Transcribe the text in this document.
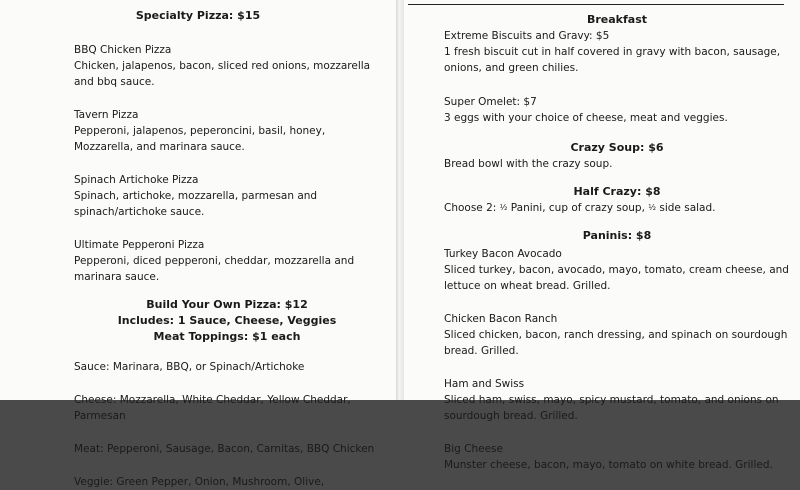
Specialty Pizza: $15
BBQ Chicken Pizza
Chicken, jalapenos, bacon, sliced red onions, mozzarella and bbq sauce.
Tavern Pizza
Pepperoni, jalapenos, peperoncini, basil, honey, Mozzarella, and marinara sauce.
Spinach Artichoke Pizza
Spinach, artichoke, mozzarella, parmesan and spinach/artichoke sauce.
Ultimate Pepperoni Pizza
Pepperoni, diced pepperoni, cheddar, mozzarella and marinara sauce.
Build Your Own Pizza: $12
Includes: 1 Sauce, Cheese, Veggies
Meat Toppings: $1 each
Sauce: Marinara, BBQ, or Spinach/Artichoke
Cheese: Mozzarella, White Cheddar, Yellow Cheddar, Parmesan
Meat: Pepperoni, Sausage, Bacon, Carnitas, BBQ Chicken
Veggie: Green Pepper, Onion, Mushroom, Olive,
Breakfast
Extreme Biscuits and Gravy: $5
1 fresh biscuit cut in half covered in gravy with bacon, sausage, onions, and green chilies.
Super Omelet: $7
3 eggs with your choice of cheese, meat and veggies.
Crazy Soup: $6
Bread bowl with the crazy soup.
Half Crazy: $8
Choose 2: ½ Panini, cup of crazy soup, ½ side salad.
Paninis: $8
Turkey Bacon Avocado
Sliced turkey, bacon, avocado, mayo, tomato, cream cheese, and lettuce on wheat bread. Grilled.
Chicken Bacon Ranch
Sliced chicken, bacon, ranch dressing, and spinach on sourdough bread. Grilled.
Ham and Swiss
Sliced ham, swiss, mayo, spicy mustard, tomato, and onions on sourdough bread. Grilled.
Big Cheese
Munster cheese, bacon, mayo, tomato on white bread. Grilled.
